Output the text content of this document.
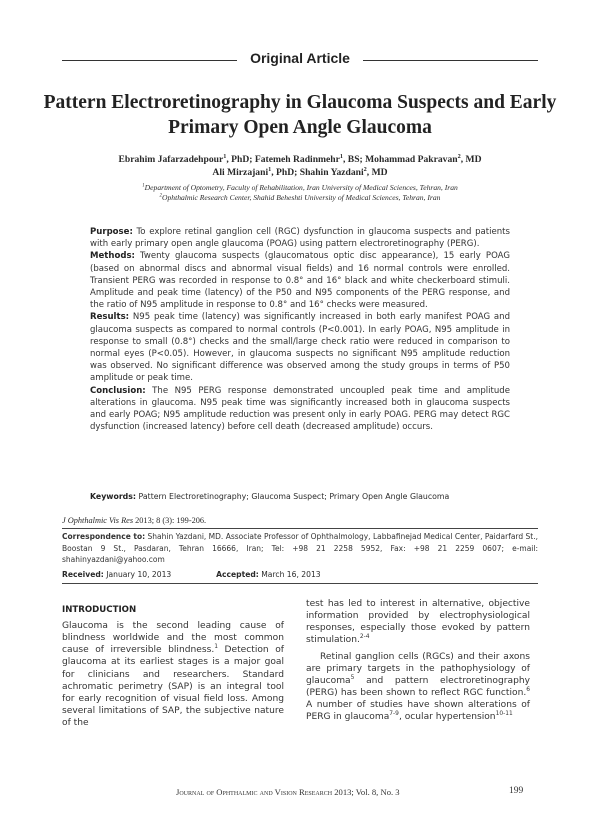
Original Article
Pattern Electroretinography in Glaucoma Suspects and Early Primary Open Angle Glaucoma
Ebrahim Jafarzadehpour$^1$, PhD; Fatemeh Radinmehr$^1$, BS; Mohammad Pakravan$^2$, MD
Ali Mirzajani$^1$, PhD; Shahin Yazdani$^2$, MD
$^1$Department of Optometry, Faculty of Rehabilitation, Iran University of Medical Sciences, Tehran, Iran
$^2$Ophthalmic Research Center, Shahid Beheshti University of Medical Sciences, Tehran, Iran

Purpose: To explore retinal ganglion cell (RGC) dysfunction in glaucoma suspects and patients with early primary open angle glaucoma (POAG) using pattern electroretinography (PERG).

Methods: Twenty glaucoma suspects (glaucomatous optic disc appearance), 15 early POAG (based on abnormal discs and abnormal visual fields) and 16 normal controls were enrolled. Transient PERG was recorded in response to 0.8° and 16° black and white checkerboard stimuli. Amplitude and peak time (latency) of the P50 and N95 components of the PERG response, and the ratio of N95 amplitude in response to 0.8° and 16° checks were measured.

Results: N95 peak time (latency) was significantly increased in both early manifest POAG and glaucoma suspects as compared to normal controls (P<0.001). In early POAG, N95 amplitude in response to small (0.8°) checks and the small/large check ratio were reduced in comparison to normal eyes (P<0.05). However, in glaucoma suspects no significant N95 amplitude reduction was observed. No significant difference was observed among the study groups in terms of P50 amplitude or peak time.

Conclusion: The N95 PERG response demonstrated uncoupled peak time and amplitude alterations in glaucoma. N95 peak time was significantly increased both in glaucoma suspects and early POAG; N95 amplitude reduction was present only in early POAG. PERG may detect RGC dysfunction (increased latency) before cell death (decreased amplitude) occurs.

Keywords: Pattern Electroretinography; Glaucoma Suspect; Primary Open Angle Glaucoma
J Ophthalmic Vis Res 2013; 8 (3): 199-206.
Correspondence to: Shahin Yazdani, MD. Associate Professor of Ophthalmology, Labbafinejad Medical Center, Paidarfard St., Boostan 9 St., Pasdaran, Tehran 16666, Iran; Tel: +98 21 2258 5952, Fax: +98 21 2259 0607; e-mail: shahinyazdani@yahoo.com
Received: January 10, 2013	Accepted: March 16, 2013
INTRODUCTION

Glaucoma is the second leading cause of blindness worldwide and the most common cause of irreversible blindness.$^1$ Detection of glaucoma at its earliest stages is a major goal for clinicians and researchers. Standard achromatic perimetry (SAP) is an integral tool for early recognition of visual field loss. Among several limitations of SAP, the subjective nature of the

test has led to interest in alternative, objective information provided by electrophysiological responses, especially those evoked by pattern stimulation.$^{2-4}$

Retinal ganglion cells (RGCs) and their axons are primary targets in the pathophysiology of glaucoma$^5$ and pattern electroretinography (PERG) has been shown to reflect RGC function.$^6$ A number of studies have shown alterations of PERG in glaucoma$^{7-9}$, ocular hypertension$^{10-11}$

Journal of Ophthalmic and Vision Research 2013; Vol. 8, No. 3	199
